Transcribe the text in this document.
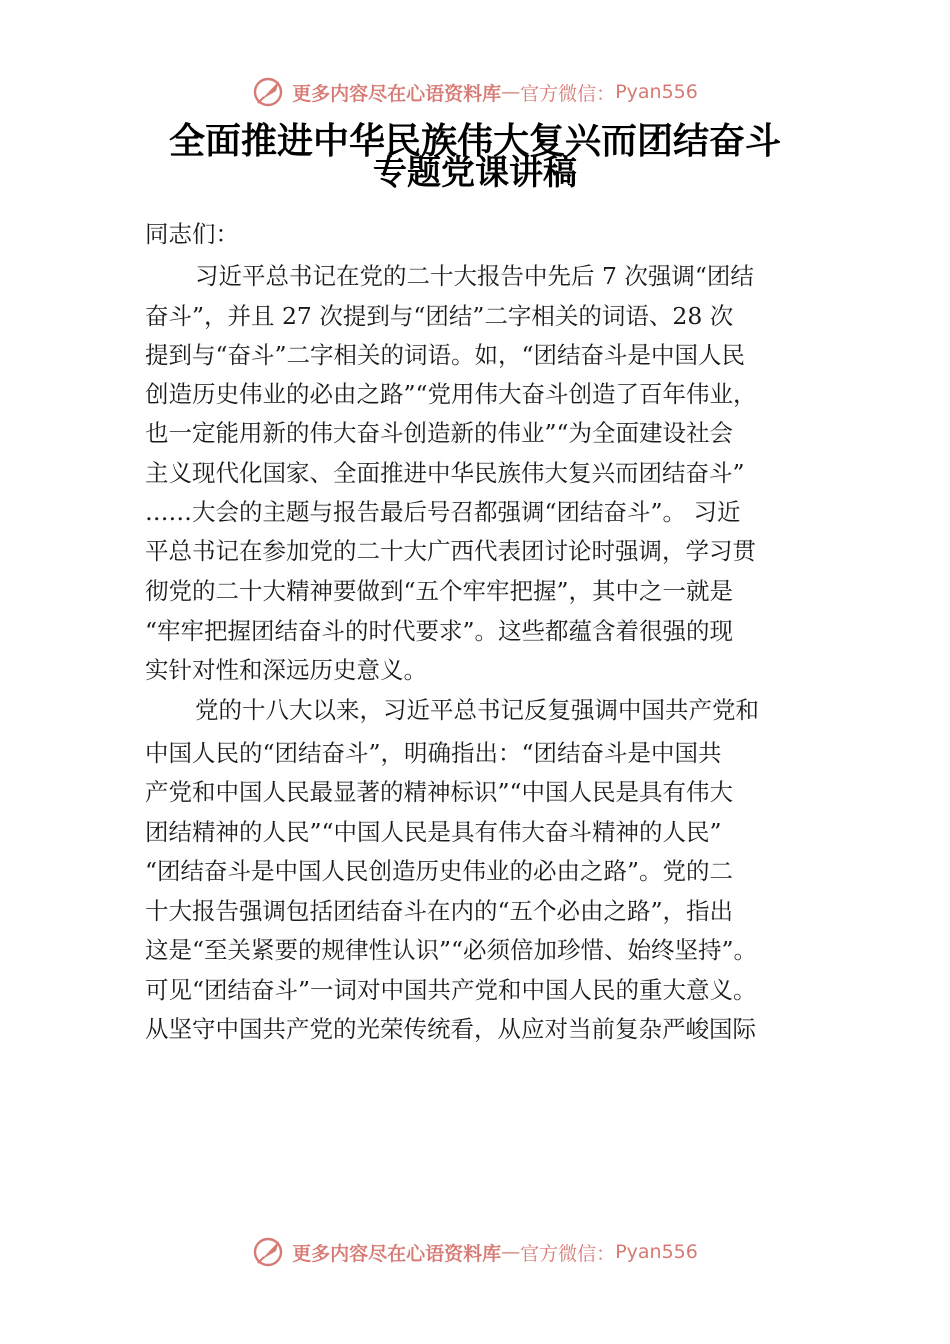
更多内容尽在心语资料库 — 官方微信： Pyan556
全面推进中华民族伟大复兴而团结奋斗
专题党课讲稿
同志们：
习近平总书记在党的二十大报告中先后 7 次强调“团结
奋斗”，并且 27 次提到与“团结”二字相关的词语、28 次
提到与“奋斗”二字相关的词语。如，“团结奋斗是中国人民
创造历史伟业的必由之路”“党用伟大奋斗创造了百年伟业，
也一定能用新的伟大奋斗创造新的伟业”“为全面建设社会
主义现代化国家、全面推进中华民族伟大复兴而团结奋斗”
……大会的主题与报告最后号召都强调“团结奋斗”。 习近
平总书记在参加党的二十大广西代表团讨论时强调，学习贯
彻党的二十大精神要做到“五个牢牢把握”，其中之一就是
“牢牢把握团结奋斗的时代要求”。这些都蕴含着很强的现
实针对性和深远历史意义。
党的十八大以来，习近平总书记反复强调中国共产党和
中国人民的“团结奋斗”，明确指出：“团结奋斗是中国共
产党和中国人民最显著的精神标识”“中国人民是具有伟大
团结精神的人民”“中国人民是具有伟大奋斗精神的人民”
“团结奋斗是中国人民创造历史伟业的必由之路”。党的二
十大报告强调包括团结奋斗在内的“五个必由之路”，指出
这是“至关紧要的规律性认识”“必须倍加珍惜、始终坚持”。
可见“团结奋斗”一词对中国共产党和中国人民的重大意义。
从坚守中国共产党的光荣传统看，从应对当前复杂严峻国际
更多内容尽在心语资料库 — 官方微信： Pyan556
